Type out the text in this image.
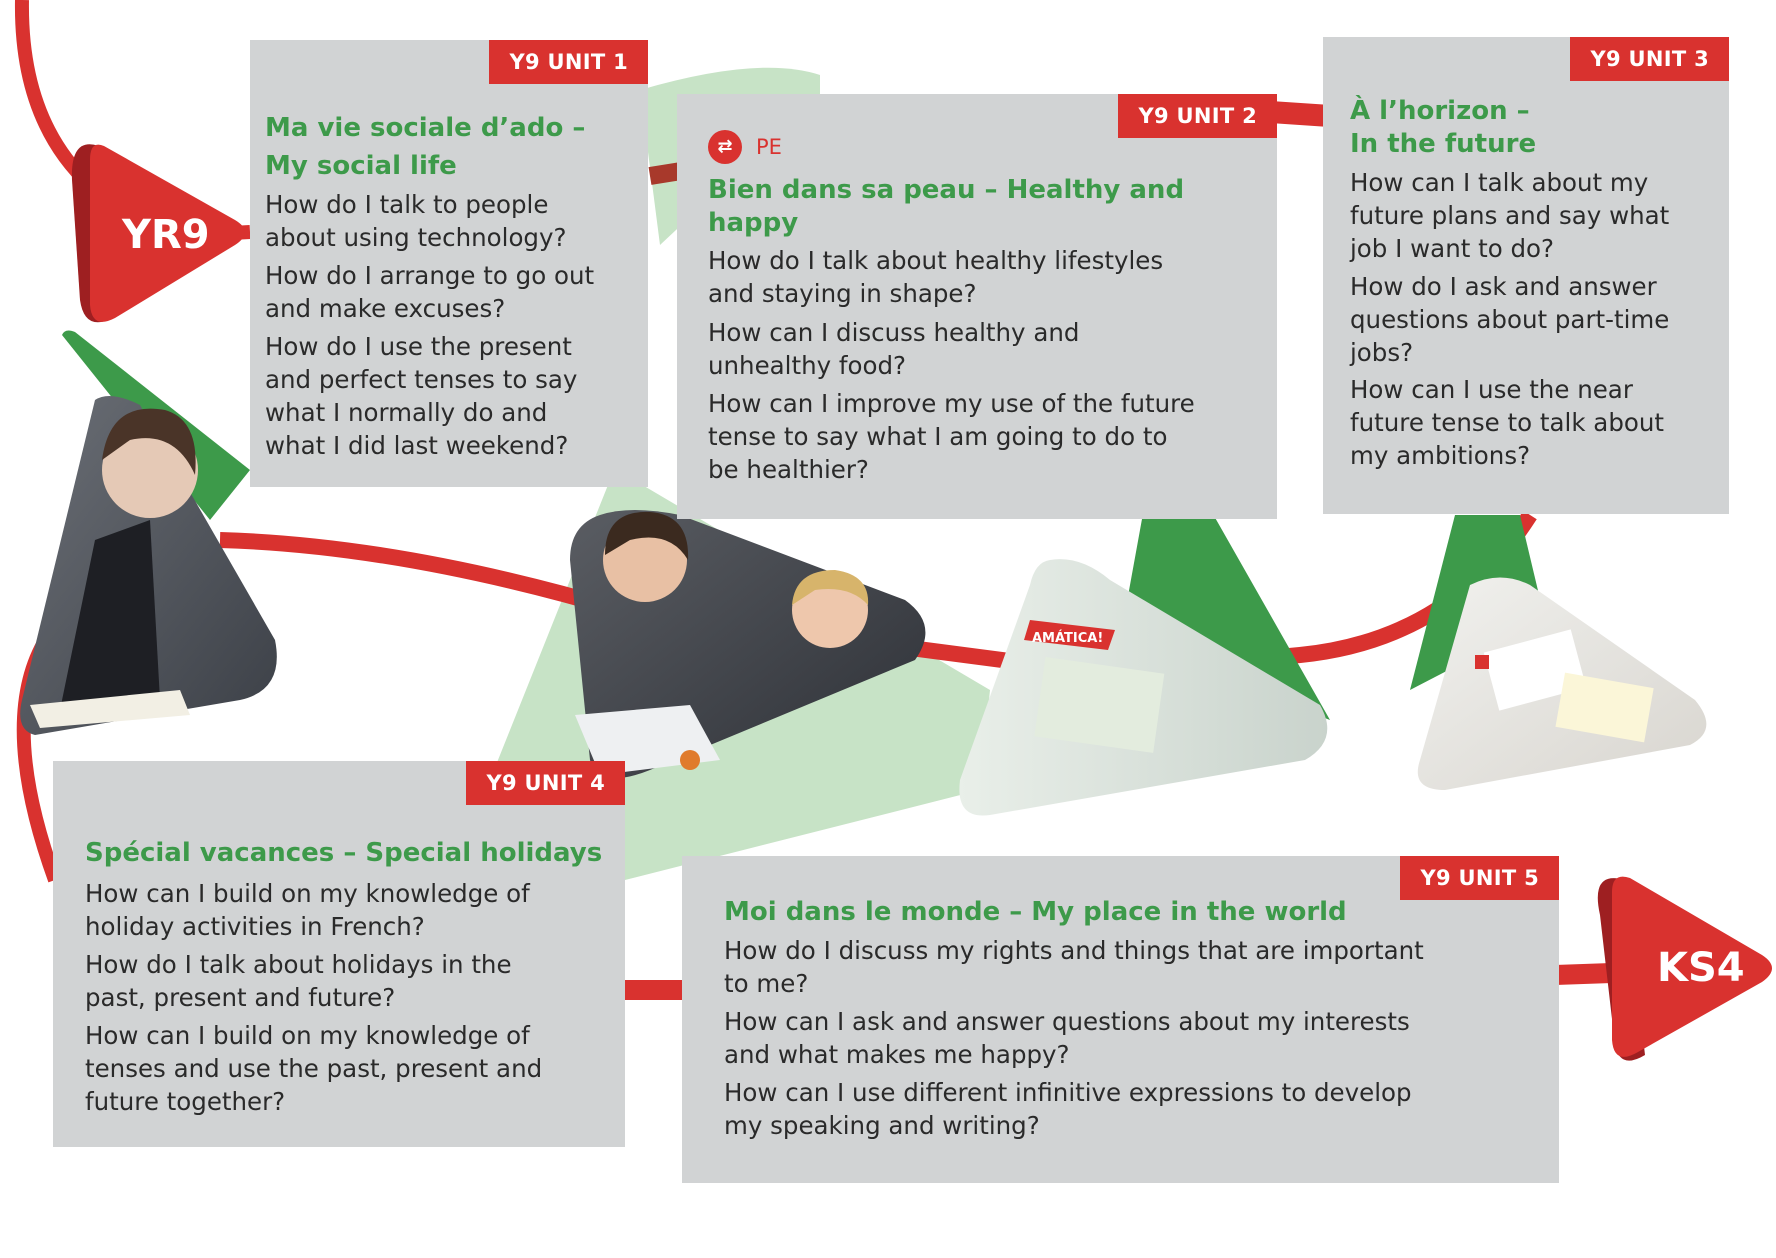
AMÁTICA!
Y9 UNIT 1
Ma vie sociale d’ado –
My social life
How do I talk to people
about using technology?
How do I arrange to go out
and make excuses?
How do I use the present
and perfect tenses to say
what I normally do and
what I did last weekend?
Y9 UNIT 2
⇄	PE
Bien dans sa peau – Healthy and
happy
How do I talk about healthy lifestyles
and staying in shape?
How can I discuss healthy and
unhealthy food?
How can I improve my use of the future
tense to say what I am going to do to
be healthier?
Y9 UNIT 3
À l’horizon –
In the future
How can I talk about my
future plans and say what
job I want to do?
How do I ask and answer
questions about part-time
jobs?
How can I use the near
future tense to talk about
my ambitions?
Y9 UNIT 4
Spécial vacances – Special holidays
How can I build on my knowledge of
holiday activities in French?
How do I talk about holidays in the
past, present and future?
How can I build on my knowledge of
tenses and use the past, present and
future together?
Y9 UNIT 5
Moi dans le monde – My place in the world
How do I discuss my rights and things that are important
to me?
How can I ask and answer questions about my interests
and what makes me happy?
How can I use different infinitive expressions to develop
my speaking and writing?
YR9
KS4
